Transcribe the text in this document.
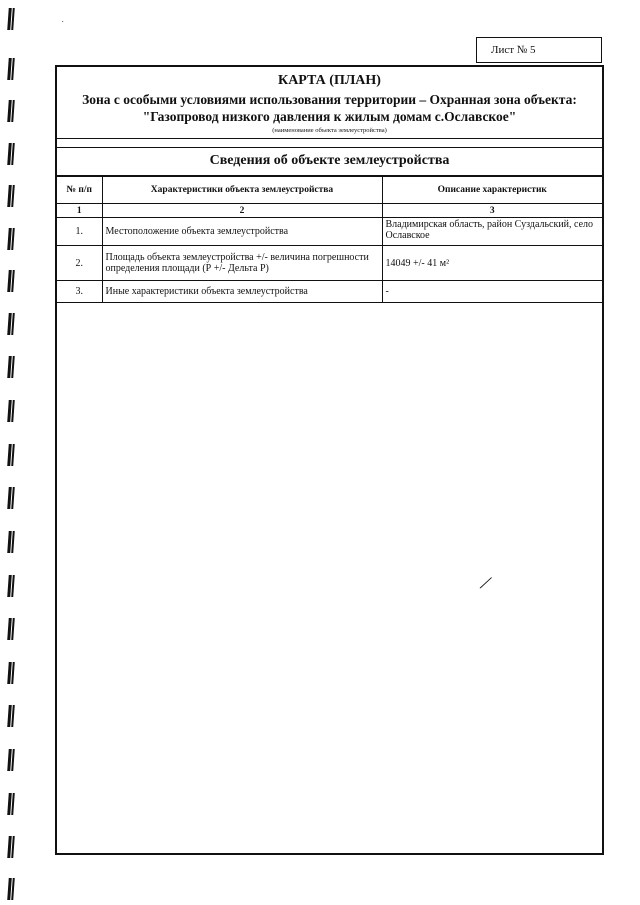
˙
Лист № 5
КАРТА (ПЛАН)
Зона с особыми условиями использования территории – Охранная зона объекта:
"Газопровод низкого давления к жилым домам с.Ославское"
(наименование объекта землеустройства)
Сведения об объекте землеустройства
№ п/п	Характеристики объекта землеустройства	Описание характеристик
1	2	3
1.	Местоположение объекта землеустройства	Владимирская область, район Суздальский, село Ославское
2.	Площадь объекта землеустройства +/- величина погрешности определения площади (Р +/- Дельта Р)	14049 +/- 41 м²
3.	Иные характеристики объекта землеустройства	-
╱
